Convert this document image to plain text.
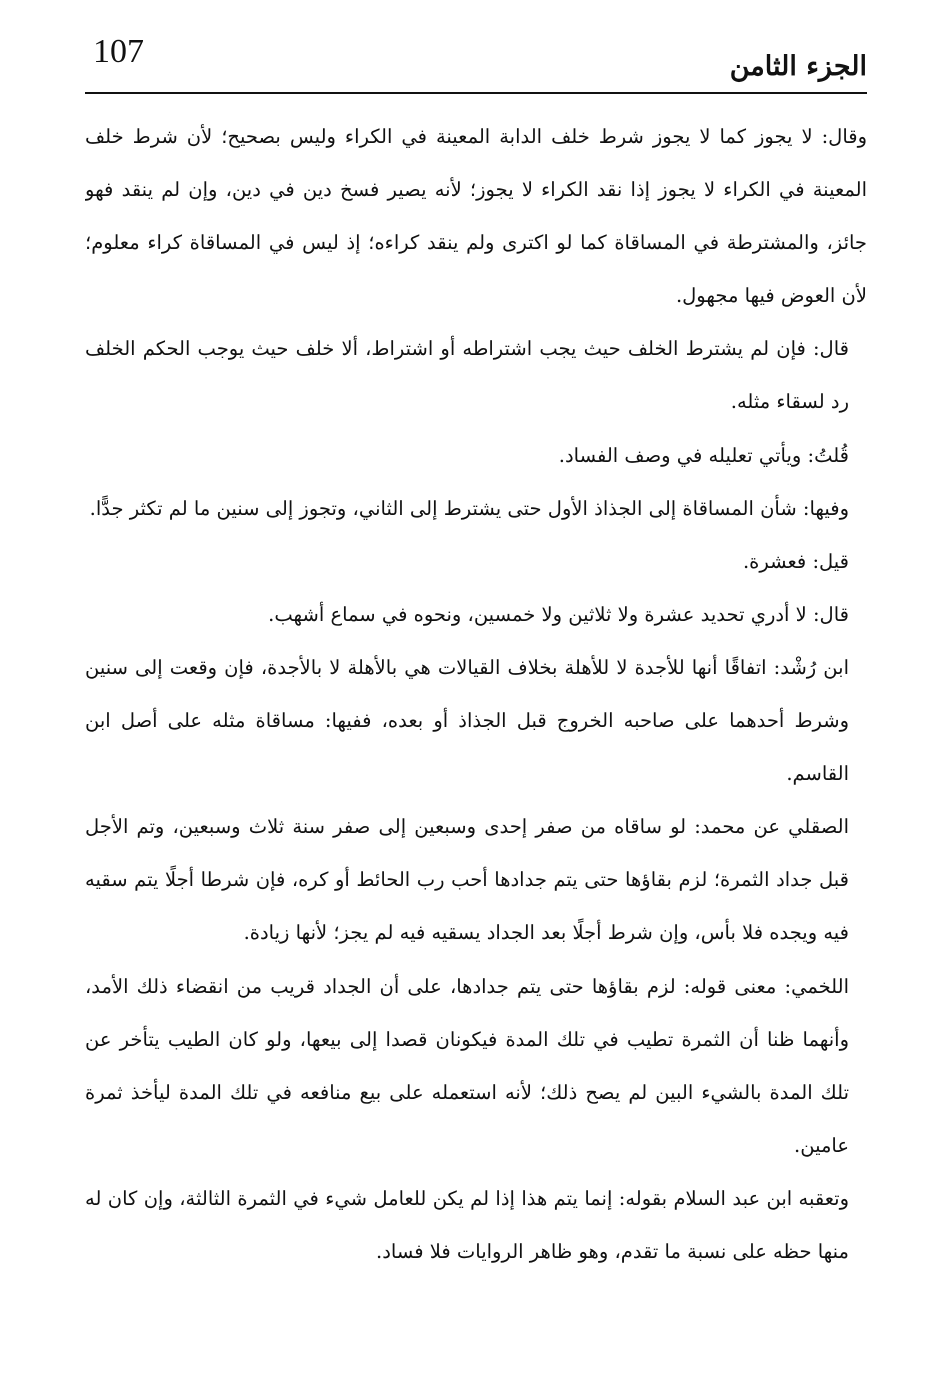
الجزء الثامن
107

وقال: لا يجوز كما لا يجوز شرط خلف الدابة المعينة في الكراء وليس بصحيح؛ لأن شرط خلف المعينة في الكراء لا يجوز إذا نقد الكراء لا يجوز؛ لأنه يصير فسخ دين في دين، وإن لم ينقد فهو جائز، والمشترطة في المساقاة كما لو اكترى ولم ينقد كراءه؛ إذ ليس في المساقاة كراء معلوم؛ لأن العوض فيها مجهول.

قال: فإن لم يشترط الخلف حيث يجب اشتراطه أو اشتراط، ألا خلف حيث يوجب الحكم الخلف رد لسقاء مثله.

قُلتُ: ويأتي تعليله في وصف الفساد.

وفيها: شأن المساقاة إلى الجذاذ الأول حتى يشترط إلى الثاني، وتجوز إلى سنين ما لم تكثر جدًّا.

قيل: فعشرة.

قال: لا أدري تحديد عشرة ولا ثلاثين ولا خمسين، ونحوه في سماع أشهب.

ابن رُشْد: اتفاقًا أنها للأجدة لا للأهلة بخلاف القيالات هي بالأهلة لا بالأجدة، فإن وقعت إلى سنين وشرط أحدهما على صاحبه الخروج قبل الجذاذ أو بعده، ففيها: مساقاة مثله على أصل ابن القاسم.

الصقلي عن محمد: لو ساقاه من صفر إحدى وسبعين إلى صفر سنة ثلاث وسبعين، وتم الأجل قبل جداد الثمرة؛ لزم بقاؤها حتى يتم جدادها أحب رب الحائط أو كره، فإن شرطا أجلًا يتم سقيه فيه ويجده فلا بأس، وإن شرط أجلًا بعد الجداد يسقيه فيه لم يجز؛ لأنها زيادة.

اللخمي: معنى قوله: لزم بقاؤها حتى يتم جدادها، على أن الجداد قريب من انقضاء ذلك الأمد، وأنهما ظنا أن الثمرة تطيب في تلك المدة فيكونان قصدا إلى بيعها، ولو كان الطيب يتأخر عن تلك المدة بالشيء البين لم يصح ذلك؛ لأنه استعمله على بيع منافعه في تلك المدة ليأخذ ثمرة عامين.

وتعقبه ابن عبد السلام بقوله: إنما يتم هذا إذا لم يكن للعامل شيء في الثمرة الثالثة، وإن كان له منها حظه على نسبة ما تقدم، وهو ظاهر الروايات فلا فساد.
